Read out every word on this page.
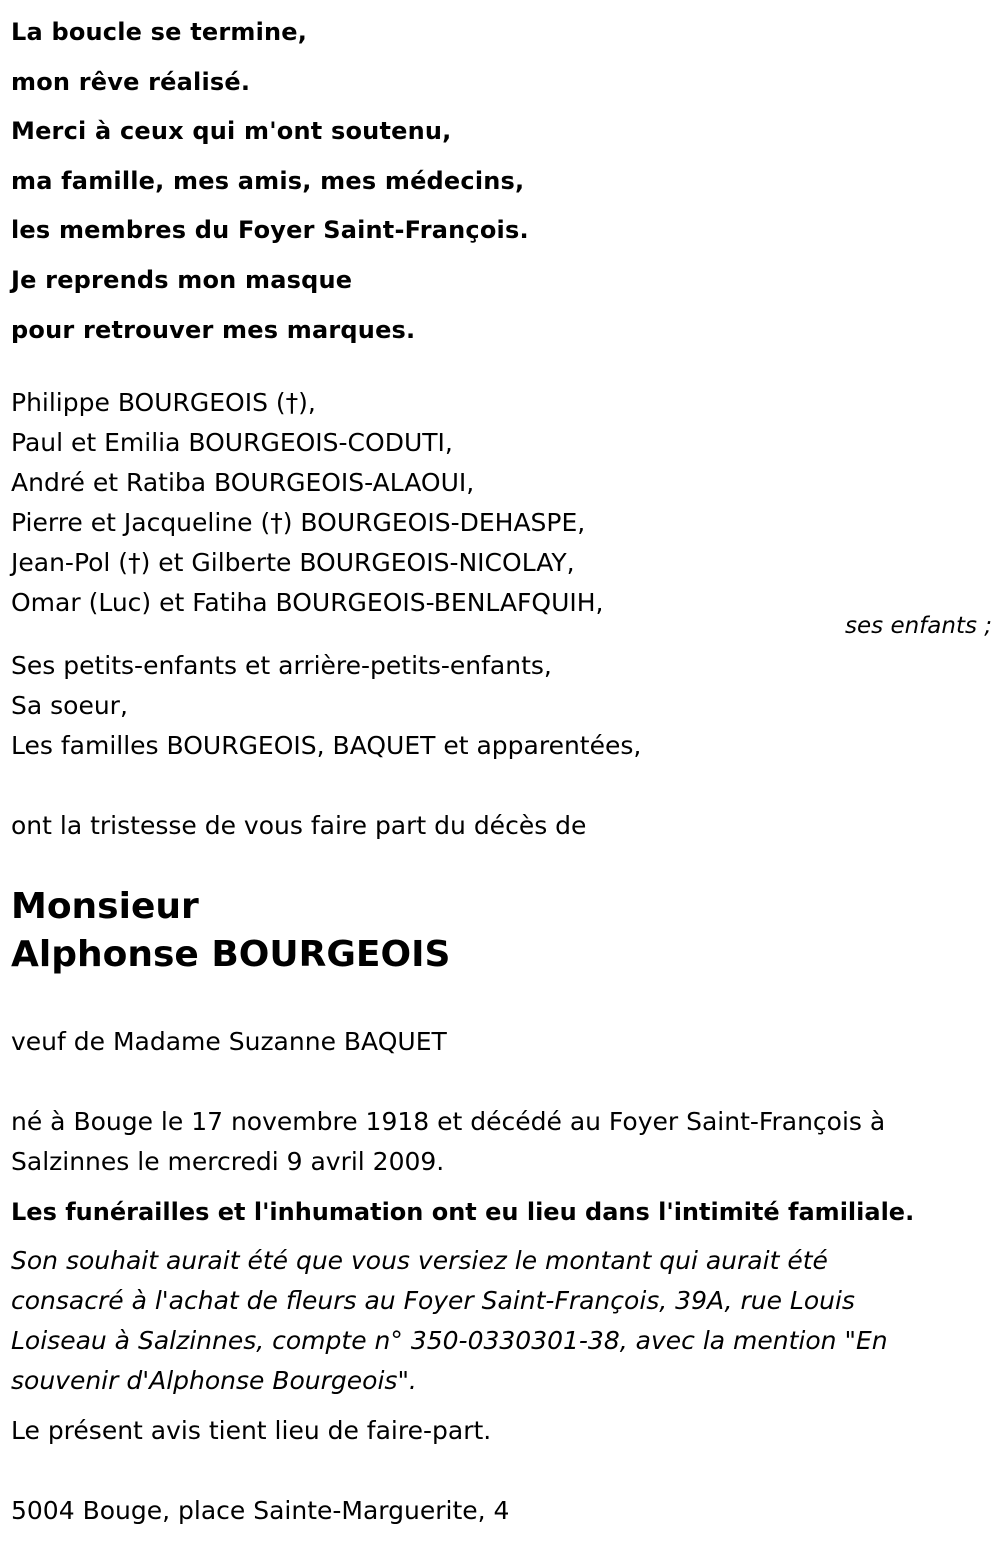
La boucle se termine,
mon rêve réalisé.
Merci à ceux qui m'ont soutenu,
ma famille, mes amis, mes médecins,
les membres du Foyer Saint-François.
Je reprends mon masque
pour retrouver mes marques.
Philippe BOURGEOIS (†),
Paul et Emilia BOURGEOIS-CODUTI,
André et Ratiba BOURGEOIS-ALAOUI,
Pierre et Jacqueline (†) BOURGEOIS-DEHASPE,
Jean-Pol (†) et Gilberte BOURGEOIS-NICOLAY,
Omar (Luc) et Fatiha BOURGEOIS-BENLAFQUIH,
ses enfants ;
Ses petits-enfants et arrière-petits-enfants,
Sa soeur,
Les familles BOURGEOIS, BAQUET et apparentées,
ont la tristesse de vous faire part du décès de
Monsieur
Alphonse BOURGEOIS
veuf de Madame Suzanne BAQUET
né à Bouge le 17 novembre 1918 et décédé au Foyer Saint-François à
Salzinnes le mercredi 9 avril 2009.
Les funérailles et l'inhumation ont eu lieu dans l'intimité familiale.
Son souhait aurait été que vous versiez le montant qui aurait été
consacré à l'achat de fleurs au Foyer Saint-François, 39A, rue Louis
Loiseau à Salzinnes, compte n° 350-0330301-38, avec la mention "En
souvenir d'Alphonse Bourgeois".
Le présent avis tient lieu de faire-part.
5004 Bouge, place Sainte-Marguerite, 4
